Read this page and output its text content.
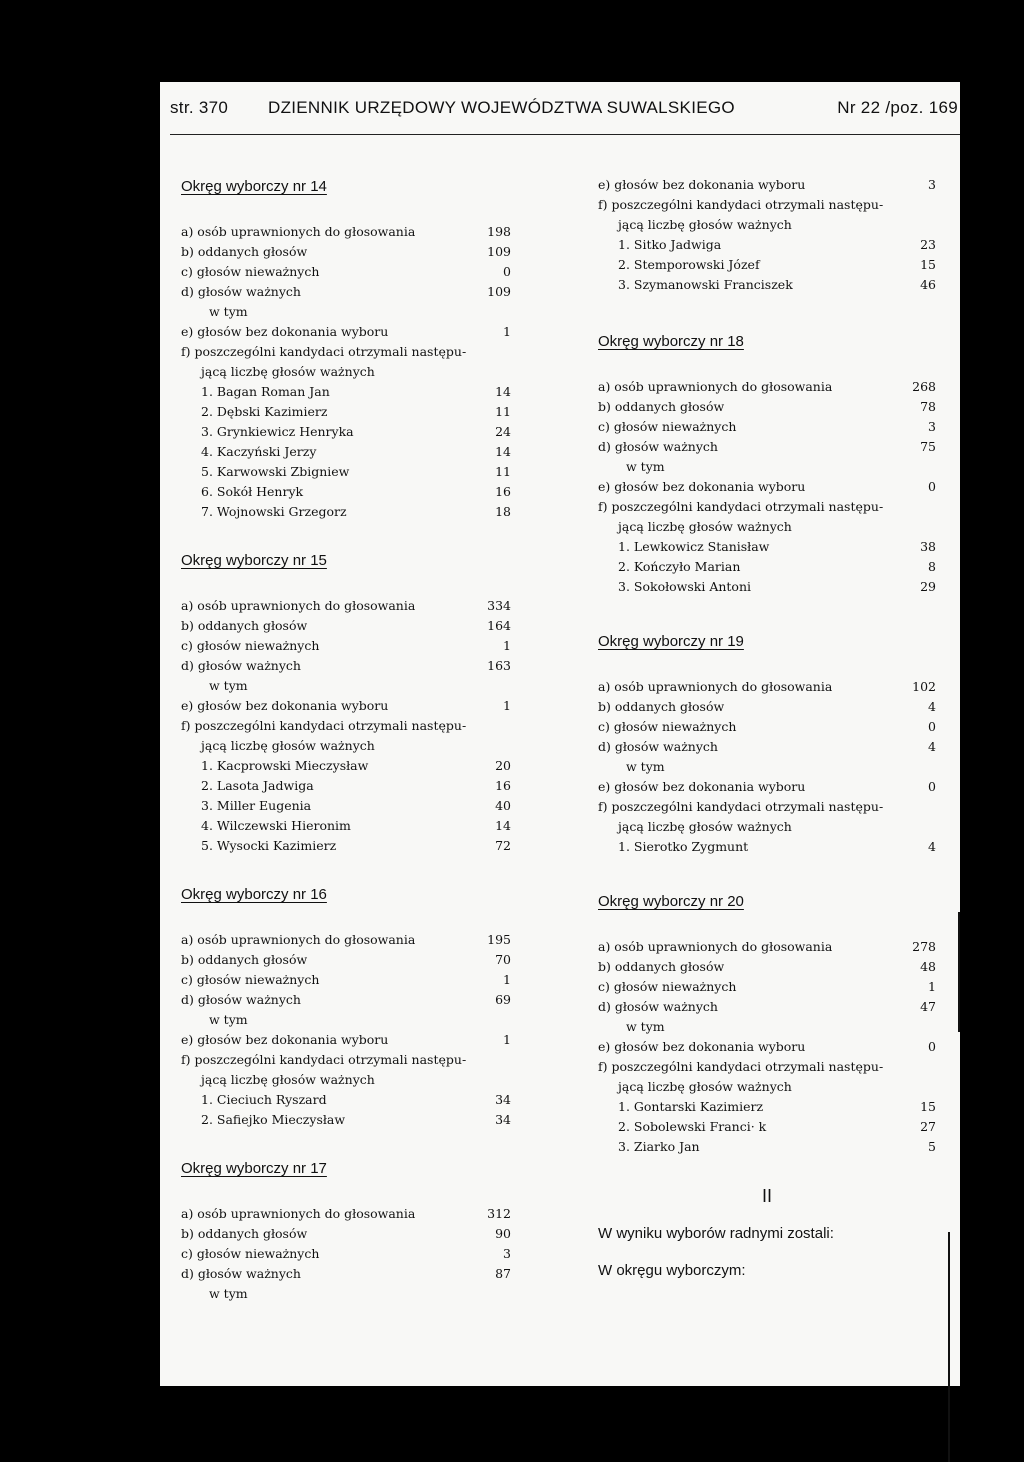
str. 370 DZIENNIK URZĘDOWY WOJEWÓDZTWA SUWALSKIEGO	Nr 22 /poz. 169
Okręg wyborczy nr 14
a) osób uprawnionych do głosowania	198
b) oddanych głosów	109
c) głosów nieważnych	0
d) głosów ważnych	109
w tym
e) głosów bez dokonania wyboru	1
f) poszczególni kandydaci otrzymali następu-
jącą liczbę głosów ważnych
1. Bagan Roman Jan	14
2. Dębski Kazimierz	11
3. Grynkiewicz Henryka	24
4. Kaczyński Jerzy	14
5. Karwowski Zbigniew	11
6. Sokół Henryk	16
7. Wojnowski Grzegorz	18
Okręg wyborczy nr 15
a) osób uprawnionych do głosowania	334
b) oddanych głosów	164
c) głosów nieważnych	1
d) głosów ważnych	163
w tym
e) głosów bez dokonania wyboru	1
f) poszczególni kandydaci otrzymali następu-
jącą liczbę głosów ważnych
1. Kacprowski Mieczysław	20
2. Lasota Jadwiga	16
3. Miller Eugenia	40
4. Wilczewski Hieronim	14
5. Wysocki Kazimierz	72
Okręg wyborczy nr 16
a) osób uprawnionych do głosowania	195
b) oddanych głosów	70
c) głosów nieważnych	1
d) głosów ważnych	69
w tym
e) głosów bez dokonania wyboru	1
f) poszczególni kandydaci otrzymali następu-
jącą liczbę głosów ważnych
1. Cieciuch Ryszard	34
2. Safiejko Mieczysław	34
Okręg wyborczy nr 17
a) osób uprawnionych do głosowania	312
b) oddanych głosów	90
c) głosów nieważnych	3
d) głosów ważnych	87
w tym
e) głosów bez dokonania wyboru	3
f) poszczególni kandydaci otrzymali następu-
jącą liczbę głosów ważnych
1. Sitko Jadwiga	23
2. Stemporowski Józef	15
3. Szymanowski Franciszek	46
Okręg wyborczy nr 18
a) osób uprawnionych do głosowania	268
b) oddanych głosów	78
c) głosów nieważnych	3
d) głosów ważnych	75
w tym
e) głosów bez dokonania wyboru	0
f) poszczególni kandydaci otrzymali następu-
jącą liczbę głosów ważnych
1. Lewkowicz Stanisław	38
2. Kończyło Marian	8
3. Sokołowski Antoni	29
Okręg wyborczy nr 19
a) osób uprawnionych do głosowania	102
b) oddanych głosów	4
c) głosów nieważnych	0
d) głosów ważnych	4
w tym
e) głosów bez dokonania wyboru	0
f) poszczególni kandydaci otrzymali następu-
jącą liczbę głosów ważnych
1. Sierotko Zygmunt	4
Okręg wyborczy nr 20
a) osób uprawnionych do głosowania	278
b) oddanych głosów	48
c) głosów nieważnych	1
d) głosów ważnych	47
w tym
e) głosów bez dokonania wyboru	0
f) poszczególni kandydaci otrzymali następu-
jącą liczbę głosów ważnych
1. Gontarski Kazimierz	15
2. Sobolewski Franci· k	27
3. Ziarko Jan	5
II

W wyniku wyborów radnymi zostali:

W okręgu wyborczym:
